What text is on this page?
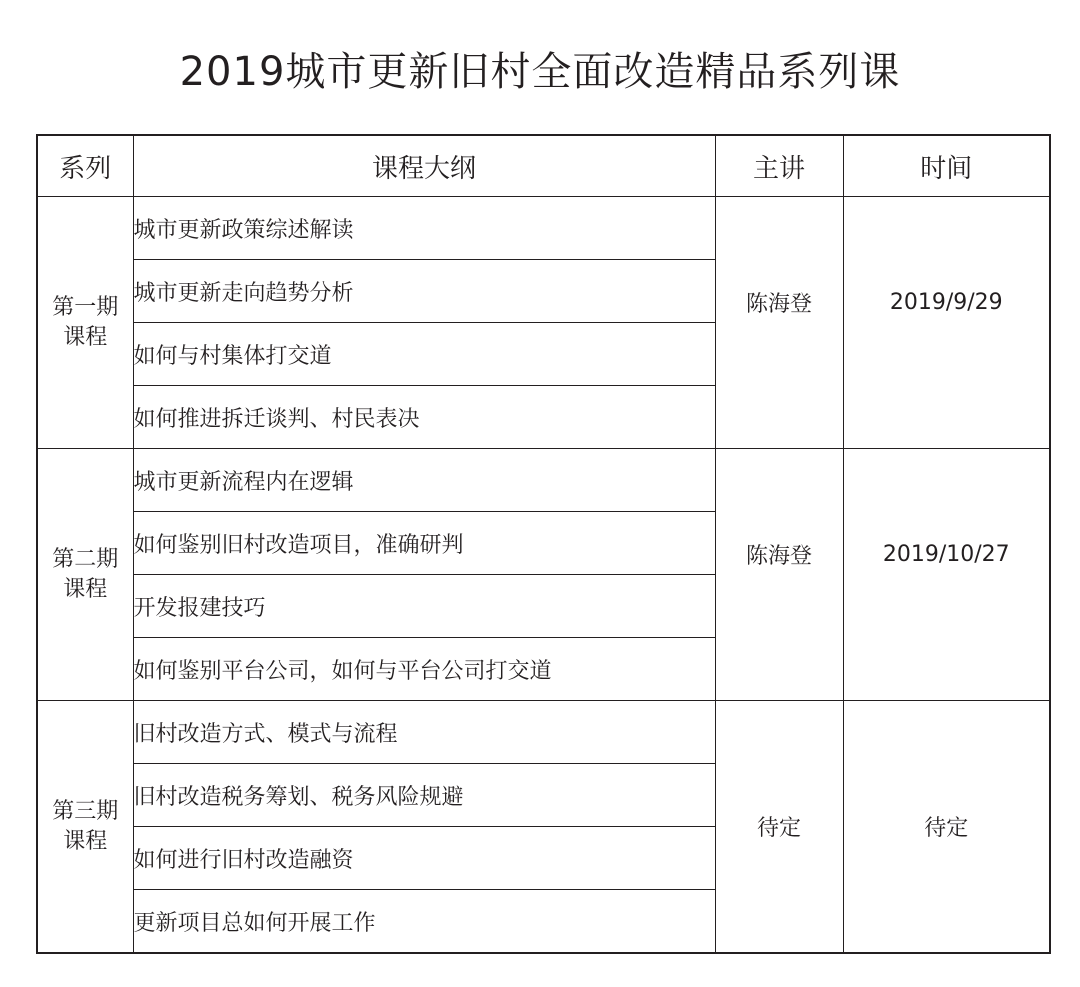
2019城市更新旧村全面改造精品系列课
系列	课程大纲	主讲	时间

第一期
课程	城市更新政策综述解读	陈海登	2019/9/29
	城市更新走向趋势分析		
	如何与村集体打交道		
	如何推进拆迁谈判、村民表决		

第二期
课程	城市更新流程内在逻辑	陈海登	2019/10/27
	如何鉴别旧村改造项目，准确研判		
	开发报建技巧		
	如何鉴别平台公司，如何与平台公司打交道		

第三期
课程	旧村改造方式、模式与流程	待定	待定
	旧村改造税务筹划、税务风险规避		
	如何进行旧村改造融资		
	更新项目总如何开展工作		
